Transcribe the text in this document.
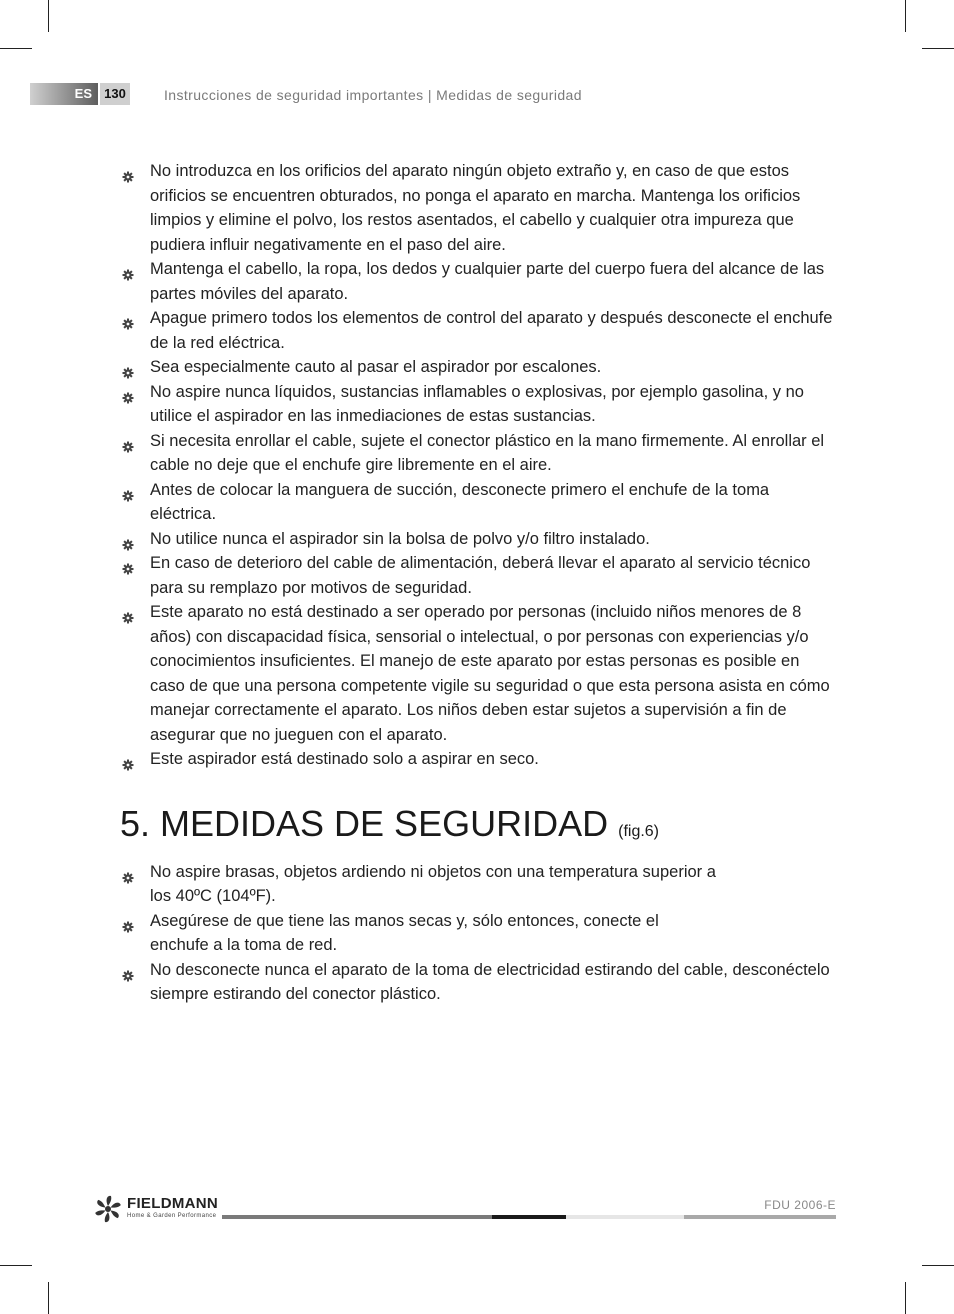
ES 130	Instrucciones de seguridad importantes | Medidas de seguridad
No introduzca en los orificios del aparato ningún objeto extraño y, en caso de que estos orificios se encuentren obturados, no ponga el aparato en marcha. Mantenga los orificios limpios y elimine el polvo, los restos asentados, el cabello y cualquier otra impureza que pudiera influir negativamente en el paso del aire.
Mantenga el cabello, la ropa, los dedos y cualquier parte del cuerpo fuera del alcance de las partes móviles del aparato.
Apague primero todos los elementos de control del aparato y después desconecte el enchufe de la red eléctrica.
Sea especialmente cauto al pasar el aspirador por escalones.
No aspire nunca líquidos, sustancias inflamables o explosivas, por ejemplo gasolina, y no utilice el aspirador en las inmediaciones de estas sustancias.
Si necesita enrollar el cable, sujete el conector plástico en la mano firmemente. Al enrollar el cable no deje que el enchufe gire libremente en el aire.
Antes de colocar la manguera de succión, desconecte primero el enchufe de la toma eléctrica.
No utilice nunca el aspirador sin la bolsa de polvo y/o filtro instalado.
En caso de deterioro del cable de alimentación, deberá llevar el aparato al servicio técnico para su remplazo por motivos de seguridad.
Este aparato no está destinado a ser operado por personas (incluido niños menores de 8 años) con discapacidad física, sensorial o intelectual, o por personas con experiencias y/o conocimientos insuficientes. El manejo de este aparato por estas personas es posible en caso de que una persona competente vigile su seguridad o que esta persona asista en cómo manejar correctamente el aparato. Los niños deben estar sujetos a supervisión a fin de asegurar que no jueguen con el aparato.
Este aspirador está destinado solo a aspirar en seco.
5. MEDIDAS DE SEGURIDAD (fig.6)
No aspire brasas, objetos ardiendo ni objetos con una temperatura superior a los 40ºC (104ºF).
Asegúrese de que tiene las manos secas y, sólo entonces, conecte el enchufe a la toma de red.
No desconecte nunca el aparato de la toma de electricidad estirando del cable, desconéctelo siempre estirando del conector plástico.
FIELDMANN
Home & Garden Performance
FDU 2006-E
